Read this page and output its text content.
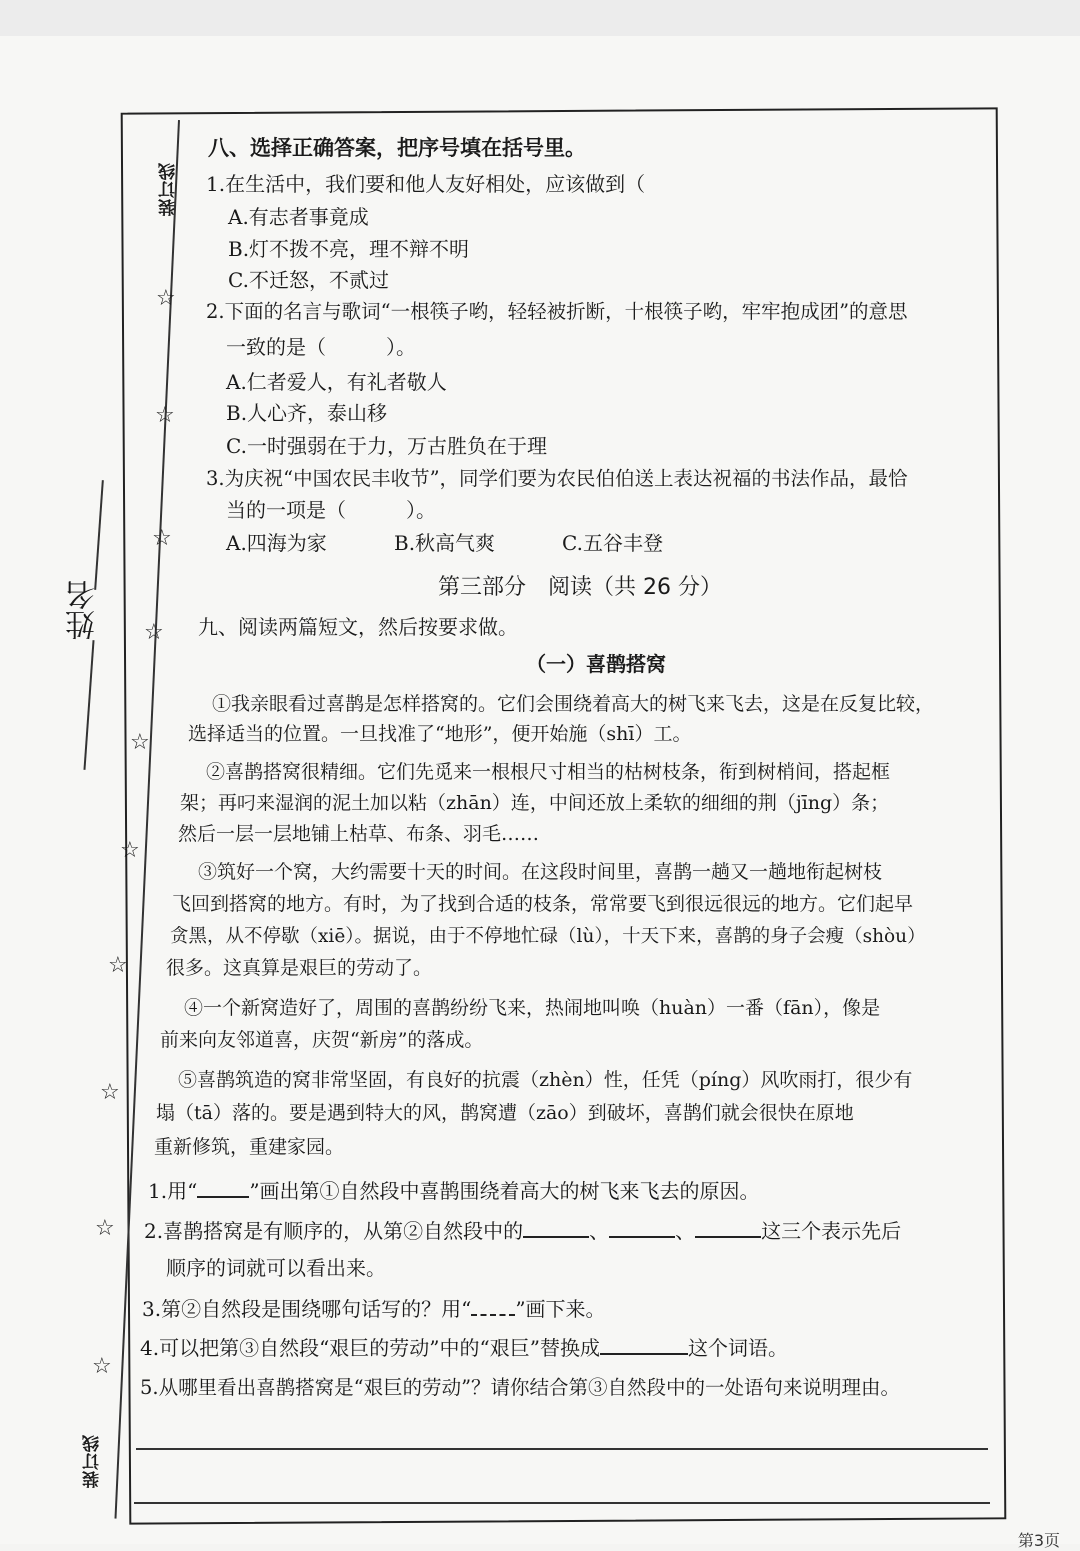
装订线
装订线
姓名
☆
☆
☆
☆
☆
☆
☆
☆
☆
☆
八、选择正确答案，把序号填在括号里。
1.在生活中，我们要和他人友好相处，应该做到（
A.有志者事竟成
B.灯不拨不亮，理不辩不明
C.不迁怒，不贰过
2.下面的名言与歌词“一根筷子哟，轻轻被折断，十根筷子哟，牢牢抱成团”的意思
一致的是（　　　）。
A.仁者爱人，有礼者敬人
B.人心齐，泰山移
C.一时强弱在于力，万古胜负在于理
3.为庆祝“中国农民丰收节”，同学们要为农民伯伯送上表达祝福的书法作品，最恰
当的一项是（　　　）。
A.四海为家	B.秋高气爽	C.五谷丰登
第三部分　阅读（共 26 分）
九、阅读两篇短文，然后按要求做。
（一）喜鹊搭窝
①我亲眼看过喜鹊是怎样搭窝的。它们会围绕着高大的树飞来飞去，这是在反复比较，
选择适当的位置。一旦找准了“地形”，便开始施（shī）工。
②喜鹊搭窝很精细。它们先觅来一根根尺寸相当的枯树枝条，衔到树梢间，搭起框
架；再叼来湿润的泥土加以粘（zhān）连，中间还放上柔软的细细的荆（jīng）条；
然后一层一层地铺上枯草、布条、羽毛……
③筑好一个窝，大约需要十天的时间。在这段时间里，喜鹊一趟又一趟地衔起树枝
飞回到搭窝的地方。有时，为了找到合适的枝条，常常要飞到很远很远的地方。它们起早
贪黑，从不停歇（xiē）。据说，由于不停地忙碌（lù），十天下来，喜鹊的身子会瘦（shòu）
很多。这真算是艰巨的劳动了。
④一个新窝造好了，周围的喜鹊纷纷飞来，热闹地叫唤（huàn）一番（fān），像是
前来向友邻道喜，庆贺“新房”的落成。
⑤喜鹊筑造的窝非常坚固，有良好的抗震（zhèn）性，任凭（píng）风吹雨打，很少有
塌（tā）落的。要是遇到特大的风，鹊窝遭（zāo）到破坏，喜鹊们就会很快在原地
重新修筑，重建家园。
1.用“	”画出第①自然段中喜鹊围绕着高大的树飞来飞去的原因。
2.喜鹊搭窝是有顺序的，从第②自然段中的	、	、	这三个表示先后
顺序的词就可以看出来。
3.第②自然段是围绕哪句话写的？用“ ”画下来。
4.可以把第③自然段“艰巨的劳动”中的“艰巨”替换成	这个词语。
5.从哪里看出喜鹊搭窝是“艰巨的劳动”？请你结合第③自然段中的一处语句来说明理由。
第3页
